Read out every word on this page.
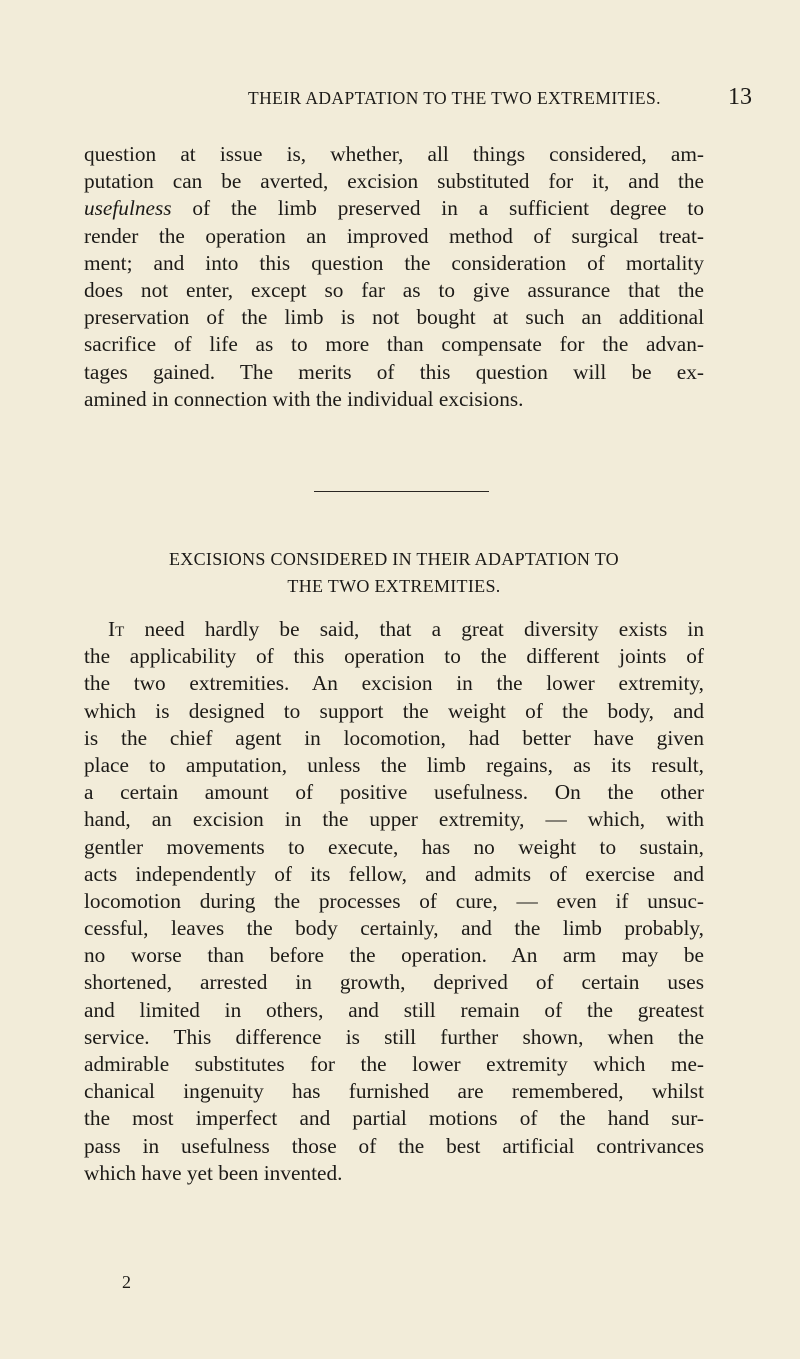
THEIR ADAPTATION TO THE TWO EXTREMITIES.	13
question at issue is, whether, all things considered, am-
putation can be averted, excision substituted for it, and the
usefulness of the limb preserved in a sufficient degree to
render the operation an improved method of surgical treat-
ment; and into this question the consideration of mortality
does not enter, except so far as to give assurance that the
preservation of the limb is not bought at such an additional
sacrifice of life as to more than compensate for the advan-
tages gained. The merits of this question will be ex-
amined in connection with the individual excisions.
EXCISIONS CONSIDERED IN THEIR ADAPTATION TO
THE TWO EXTREMITIES.
It need hardly be said, that a great diversity exists in
the applicability of this operation to the different joints of
the two extremities. An excision in the lower extremity,
which is designed to support the weight of the body, and
is the chief agent in locomotion, had better have given
place to amputation, unless the limb regains, as its result,
a certain amount of positive usefulness. On the other
hand, an excision in the upper extremity, — which, with
gentler movements to execute, has no weight to sustain,
acts independently of its fellow, and admits of exercise and
locomotion during the processes of cure, — even if unsuc-
cessful, leaves the body certainly, and the limb probably,
no worse than before the operation. An arm may be
shortened, arrested in growth, deprived of certain uses
and limited in others, and still remain of the greatest
service. This difference is still further shown, when the
admirable substitutes for the lower extremity which me-
chanical ingenuity has furnished are remembered, whilst
the most imperfect and partial motions of the hand sur-
pass in usefulness those of the best artificial contrivances
which have yet been invented.
2
